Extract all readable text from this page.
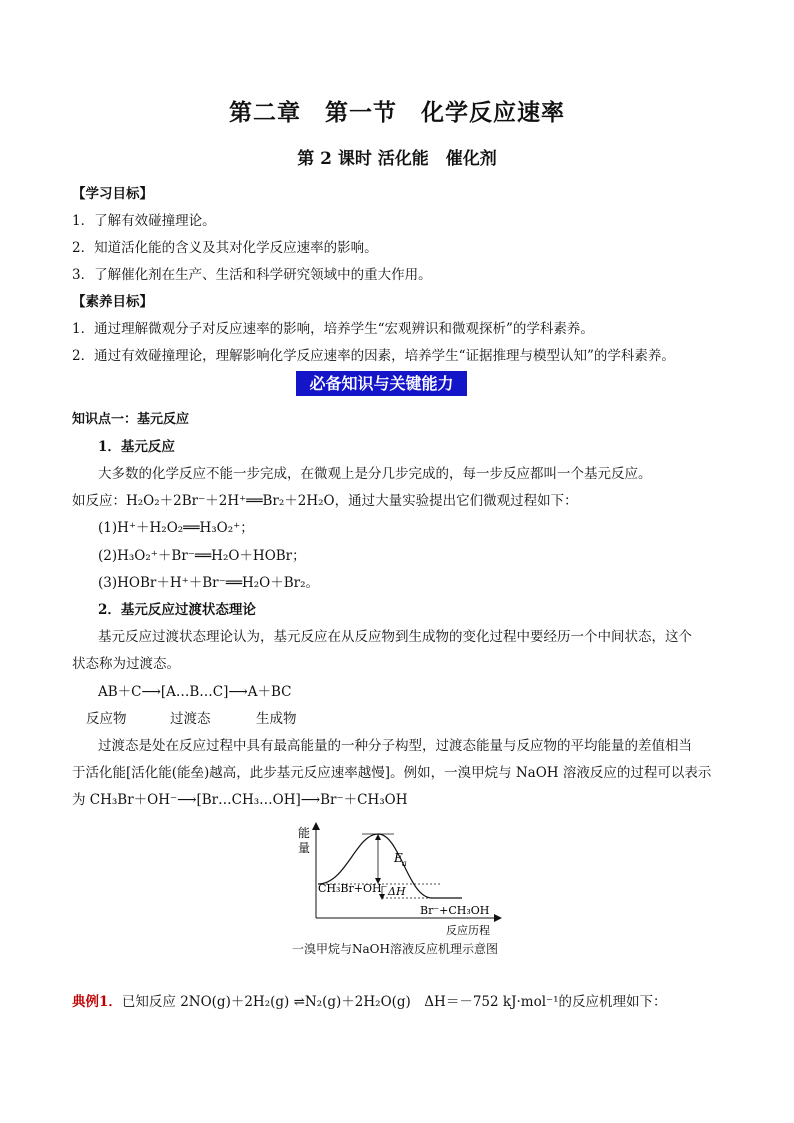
第二章　第一节　化学反应速率
第 2 课时 活化能　催化剂
【学习目标】
1．了解有效碰撞理论。
2．知道活化能的含义及其对化学反应速率的影响。
3．了解催化剂在生产、生活和科学研究领域中的重大作用。
【素养目标】
1．通过理解微观分子对反应速率的影响，培养学生“宏观辨识和微观探析”的学科素养。
2．通过有效碰撞理论，理解影响化学反应速率的因素，培养学生“证据推理与模型认知”的学科素养。
必备知识与关键能力
知识点一：基元反应
1．基元反应
大多数的化学反应不能一步完成，在微观上是分几步完成的，每一步反应都叫一个基元反应。
如反应：H₂O₂＋2Br⁻＋2H⁺══Br₂＋2H₂O，通过大量实验提出它们微观过程如下：
(1)H⁺＋H₂O₂══H₃O₂⁺；
(2)H₃O₂⁺＋Br⁻══H₂O＋HOBr；
(3)HOBr＋H⁺＋Br⁻══H₂O＋Br₂。
2．基元反应过渡状态理论
基元反应过渡状态理论认为，基元反应在从反应物到生成物的变化过程中要经历一个中间状态，这个
状态称为过渡态。
AB＋C⟶[A…B…C]⟶A＋BC
反应物	过渡态	生成物
过渡态是处在反应过程中具有最高能量的一种分子构型，过渡态能量与反应物的平均能量的差值相当
于活化能[活化能(能垒)越高，此步基元反应速率越慢]。例如，一溴甲烷与 NaOH 溶液反应的过程可以表示
为 CH₃Br＋OH⁻⟶[Br…CH₃…OH]⟶Br⁻＋CH₃OH
能
量
反应历程
E a
ΔH
CH₃Br+OH⁻
Br⁻+CH₃OH
一溴甲烷与NaOH溶液反应机理示意图
典例1．已知反应 2NO(g)＋2H₂(g) ⇌N₂(g)＋2H₂O(g)　ΔH＝－752 kJ·mol⁻¹的反应机理如下：
